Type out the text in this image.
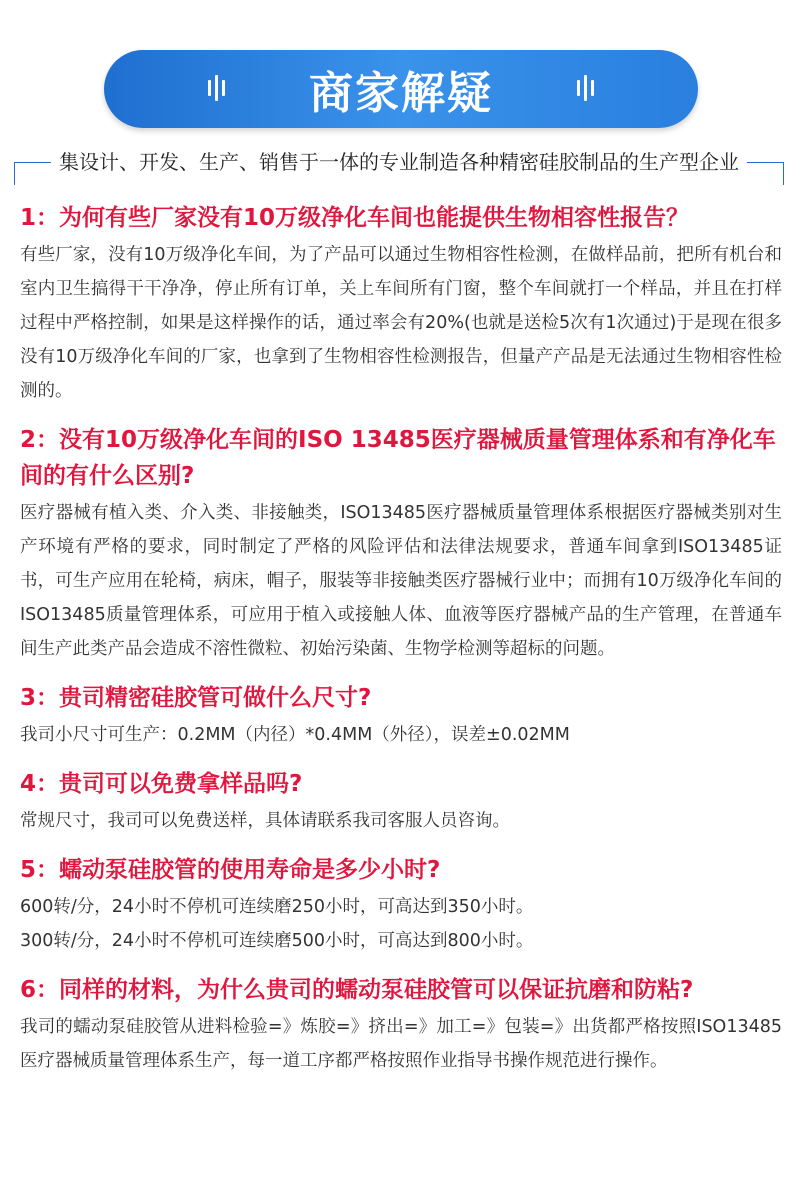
商家解疑
集设计、开发、生产、销售于一体的专业制造各种精密硅胶制品的生产型企业

1：为何有些厂家没有10万级净化车间也能提供生物相容性报告？

有些厂家，没有10万级净化车间，为了产品可以通过生物相容性检测，在做样品前，把所有机台和室内卫生搞得干干净净，停止所有订单，关上车间所有门窗，整个车间就打一个样品，并且在打样过程中严格控制，如果是这样操作的话，通过率会有20%(也就是送检5次有1次通过)于是现在很多没有10万级净化车间的厂家，也拿到了生物相容性检测报告，但量产产品是无法通过生物相容性检测的。

2：没有10万级净化车间的ISO 13485医疗器械质量管理体系和有净化车间的有什么区别?

医疗器械有植入类、介入类、非接触类，ISO13485医疗器械质量管理体系根据医疗器械类别对生产环境有严格的要求，同时制定了严格的风险评估和法律法规要求，普通车间拿到ISO13485证书，可生产应用在轮椅，病床，帽子，服装等非接触类医疗器械行业中；而拥有10万级净化车间的ISO13485质量管理体系，可应用于植入或接触人体、血液等医疗器械产品的生产管理，在普通车间生产此类产品会造成不溶性微粒、初始污染菌、生物学检测等超标的问题。

3：贵司精密硅胶管可做什么尺寸?

我司小尺寸可生产：0.2MM（内径）*0.4MM（外径），误差±0.02MM

4：贵司可以免费拿样品吗?

常规尺寸，我司可以免费送样，具体请联系我司客服人员咨询。

5：蠕动泵硅胶管的使用寿命是多少小时?

600转/分，24小时不停机可连续磨250小时，可高达到350小时。

300转/分，24小时不停机可连续磨500小时，可高达到800小时。

6：同样的材料，为什么贵司的蠕动泵硅胶管可以保证抗磨和防粘?

我司的蠕动泵硅胶管从进料检验=》炼胶=》挤出=》加工=》包装=》出货都严格按照ISO13485医疗器械质量管理体系生产，每一道工序都严格按照作业指导书操作规范进行操作。
